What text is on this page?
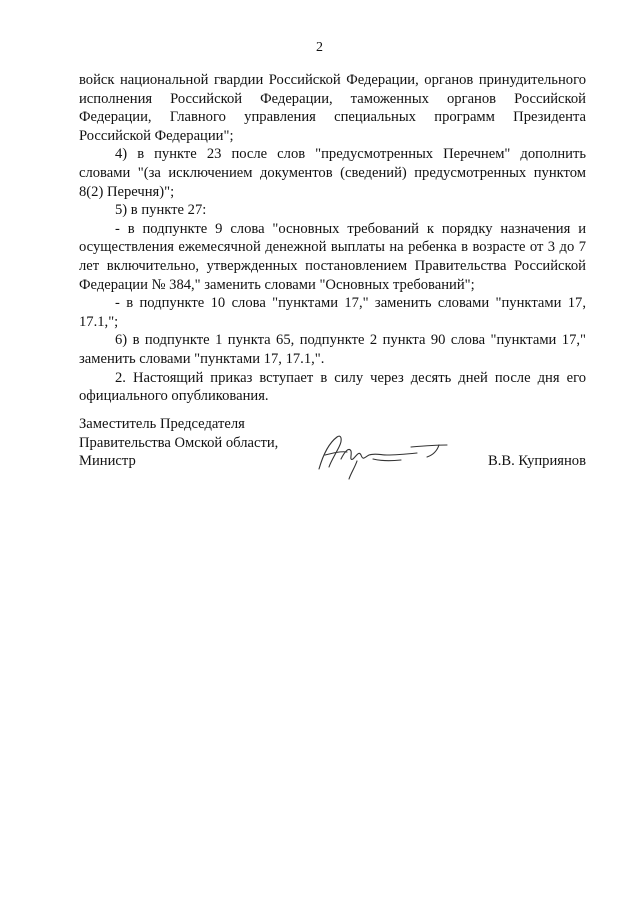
2

войск национальной гвардии Российской Федерации, органов принудительного исполнения Российской Федерации, таможенных органов Российской Федерации, Главного управления специальных программ Президента Российской Федерации";

4) в пункте 23 после слов "предусмотренных Перечнем" дополнить словами "(за исключением документов (сведений) предусмотренных пунктом 8(2) Перечня)";

5) в пункте 27:

- в подпункте 9 слова "основных требований к порядку назначения и осуществления ежемесячной денежной выплаты на ребенка в возрасте от 3 до 7 лет включительно, утвержденных постановлением Правительства Российской Федерации № 384," заменить словами "Основных требований";

- в подпункте 10 слова "пунктами 17," заменить словами "пунктами 17, 17.1,";

6) в подпункте 1 пункта 65, подпункте 2 пункта 90 слова "пунктами 17," заменить словами "пунктами 17, 17.1,".

2. Настоящий приказ вступает в силу через десять дней после дня его официального опубликования.

Заместитель Председателя
Правительства Омской области,
Министр	В.В. Куприянов
